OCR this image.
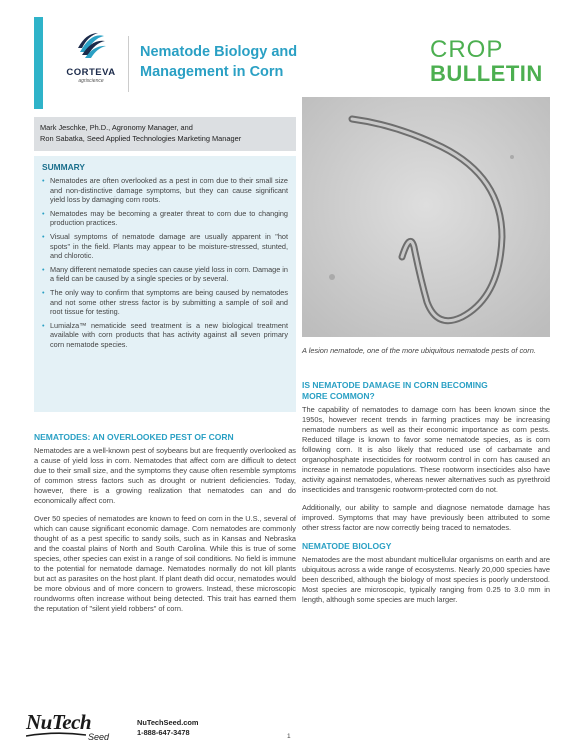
CORTEVA
agriscience
Nematode Biology and
Management in Corn
CROP
BULLETIN
Mark Jeschke, Ph.D., Agronomy Manager, and
Ron Sabatka, Seed Applied Technologies Marketing Manager
SUMMARY
• Nematodes are often overlooked as a pest in corn due to their small size and non-distinctive damage symptoms, but they can cause significant yield loss by damaging corn roots.
• Nematodes may be becoming a greater threat to corn due to changing production practices.
• Visual symptoms of nematode damage are usually apparent in "hot spots" in the field. Plants may appear to be moisture-stressed, stunted, and chlorotic.
• Many different nematode species can cause yield loss in corn. Damage in a field can be caused by a single species or by several.
• The only way to confirm that symptoms are being caused by nematodes and not some other stress factor is by submitting a sample of soil and root tissue for testing.
• Lumialza™ nematicide seed treatment is a new biological treatment available with corn products that has activity against all seven primary corn nematode species.
NEMATODES: AN OVERLOOKED PEST OF CORN

Nematodes are a well-known pest of soybeans but are frequently overlooked as a cause of yield loss in corn. Nematodes that affect corn are difficult to detect due to their small size, and the symptoms they cause often resemble symptoms of common stress factors such as drought or nutrient deficiencies. Today, however, there is a growing realization that nematodes can and do economically affect corn.

Over 50 species of nematodes are known to feed on corn in the U.S., several of which can cause significant economic damage. Corn nematodes are commonly thought of as a pest specific to sandy soils, such as in Kansas and Nebraska and the coastal plains of North and South Carolina. While this is true of some species, other species can exist in a range of soil conditions. No field is immune to the potential for nematode damage. Nematodes normally do not kill plants but act as parasites on the host plant. If plant death did occur, nematodes would be more obvious and of more concern to growers. Instead, these microscopic roundworms often increase without being detected. This trait has earned them the reputation of "silent yield robbers" of corn.

A lesion nematode, one of the more ubiquitous nematode pests of corn.
IS NEMATODE DAMAGE IN CORN BECOMING
MORE COMMON?

The capability of nematodes to damage corn has been known since the 1950s, however recent trends in farming practices may be increasing nematode numbers as well as their economic importance as corn pests. Reduced tillage is known to favor some nematode species, as is corn following corn. It is also likely that reduced use of carbamate and organophosphate insecticides for rootworm control in corn has caused an increase in nematode populations. These rootworm insecticides also have activity against nematodes, whereas newer alternatives such as pyrethroid insecticides and transgenic rootworm-protected corn do not.

Additionally, our ability to sample and diagnose nematode damage has improved. Symptoms that may have previously been attributed to some other stress factor are now correctly being traced to nematodes.

NEMATODE BIOLOGY

Nematodes are the most abundant multicellular organisms on earth and are ubiquitous across a wide range of ecosystems. Nearly 20,000 species have been described, although the biology of most species is poorly understood. Most species are microscopic, typically ranging from 0.25 to 3.0 mm in length, although some species are much larger.

NuTech
Seed
NuTechSeed.com
1-888-647-3478	1
